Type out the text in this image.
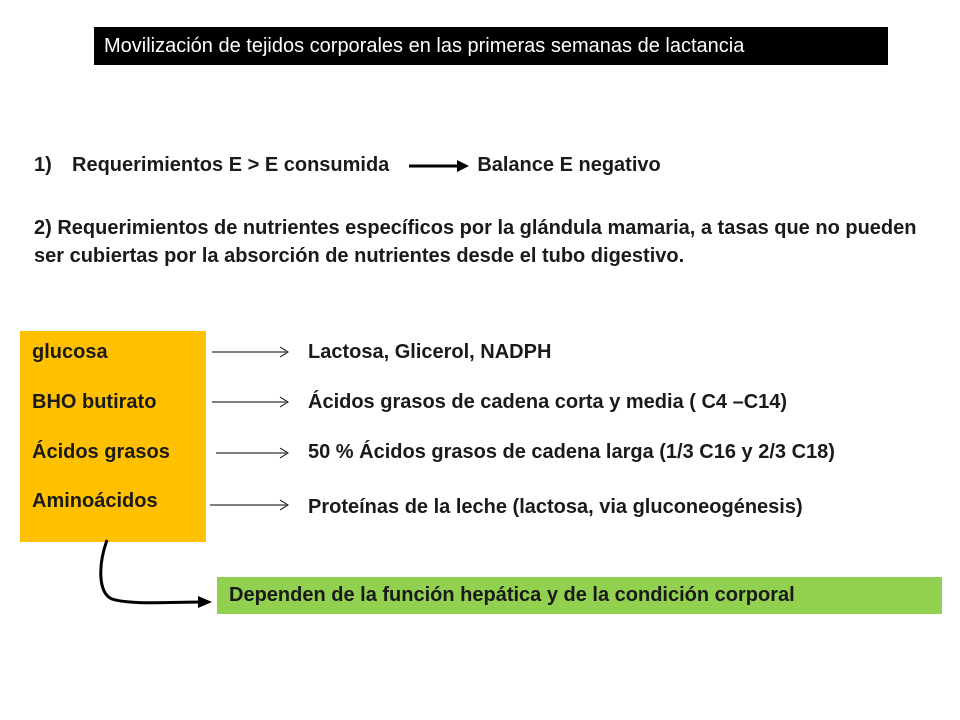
Movilización de tejidos corporales en las primeras semanas de lactancia
1)	Requerimientos E > E consumida	Balance E negativo
2) Requerimientos de nutrientes específicos por la glándula mamaria, a tasas que no pueden ser cubiertas por la absorción de nutrientes desde el tubo digestivo.
glucosa
BHO butirato
Ácidos grasos
Aminoácidos
Lactosa, Glicerol, NADPH
Ácidos grasos de cadena corta y media ( C4 –C14)
50 % Ácidos grasos de cadena larga (1/3 C16 y 2/3 C18)
Proteínas de la leche (lactosa, via gluconeogénesis)
Dependen de la función hepática y de la condición corporal
